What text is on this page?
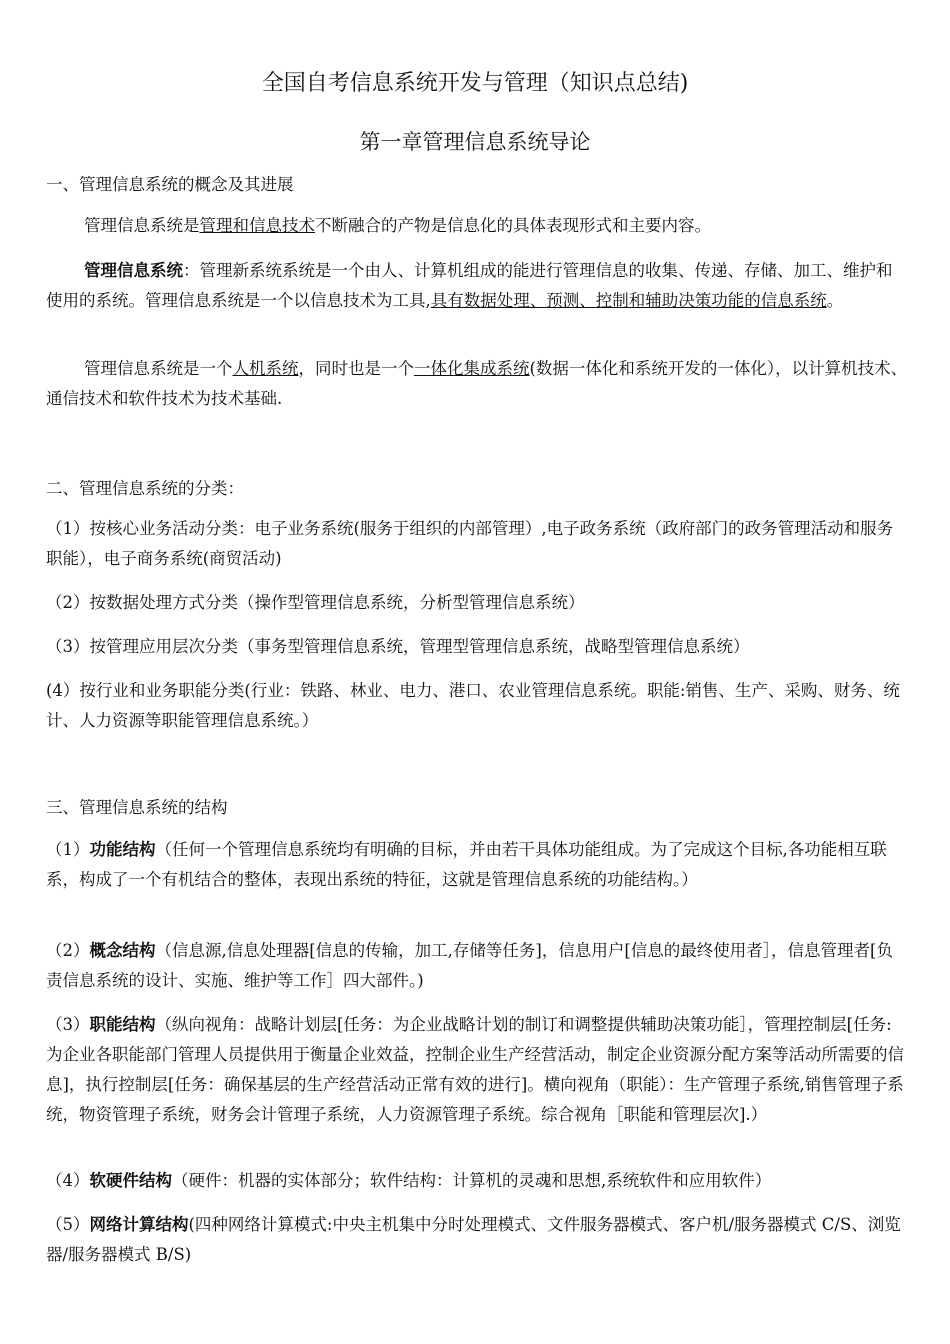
全国自考信息系统开发与管理（知识点总结)
第一章管理信息系统导论

一、管理信息系统的概念及其进展

管理信息系统是管理和信息技术不断融合的产物是信息化的具体表现形式和主要内容。

管理信息系统：管理新系统系统是一个由人、计算机组成的能进行管理信息的收集、传递、存储、加工、维护和使用的系统。管理信息系统是一个以信息技术为工具,具有数据处理、预测、控制和辅助决策功能的信息系统。

管理信息系统是一个人机系统，同时也是一个一体化集成系统(数据一体化和系统开发的一体化），以计算机技术、通信技术和软件技术为技术基础.

二、管理信息系统的分类：

（1）按核心业务活动分类：电子业务系统(服务于组织的内部管理）,电子政务系统（政府部门的政务管理活动和服务职能），电子商务系统(商贸活动)

（2）按数据处理方式分类（操作型管理信息系统，分析型管理信息系统）

（3）按管理应用层次分类（事务型管理信息系统，管理型管理信息系统，战略型管理信息系统）

(4）按行业和业务职能分类(行业：铁路、林业、电力、港口、农业管理信息系统。职能:销售、生产、采购、财务、统计、人力资源等职能管理信息系统。）

三、管理信息系统的结构

（1）功能结构（任何一个管理信息系统均有明确的目标，并由若干具体功能组成。为了完成这个目标,各功能相互联系，构成了一个有机结合的整体，表现出系统的特征，这就是管理信息系统的功能结构。）

（2）概念结构（信息源,信息处理器[信息的传输，加工,存储等任务]，信息用户[信息的最终使用者］，信息管理者[负责信息系统的设计、实施、维护等工作］四大部件。)

（3）职能结构（纵向视角：战略计划层[任务：为企业战略计划的制订和调整提供辅助决策功能］，管理控制层[任务:为企业各职能部门管理人员提供用于衡量企业效益，控制企业生产经营活动，制定企业资源分配方案等活动所需要的信息]，执行控制层[任务：确保基层的生产经营活动正常有效的进行]。横向视角（职能）：生产管理子系统,销售管理子系统，物资管理子系统，财务会计管理子系统，人力资源管理子系统。综合视角［职能和管理层次].）

（4）软硬件结构（硬件：机器的实体部分；软件结构：计算机的灵魂和思想,系统软件和应用软件）

（5）网络计算结构(四种网络计算模式:中央主机集中分时处理模式、文件服务器模式、客户机/服务器模式 C/S、浏览器/服务器模式 B/S)
